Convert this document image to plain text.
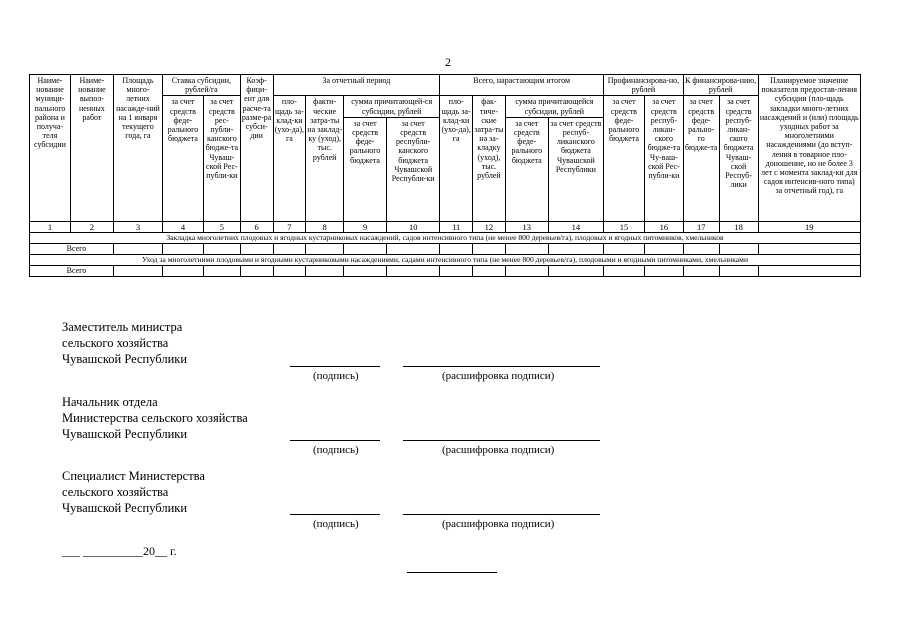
2
Наиме-нование муници-пального района и получа-теля субсидии	Наиме-нование выпол-ненных работ	Площадь много-летних насажде-ний на 1 января текущего года, га	Ставка субсидии, рублей/га		Коэф-фици-ент для расче-та разме-ра субси-дии	За отчетный период				Всего, нарастающим итогом				Профинансирова-но, рублей		К финансирова-нию, рублей		Планируемое значение показателя предостав-ления субсидии (пло-щадь закладки много-летних насаждений и (или) площадь уходных работ за многолетними насаждениями (до вступ-ления в товарное пло-доношение, но не более 3 лет с момента заклад-ки для садов интенсив-ного типа) за отчетный год), га
			за счет средств феде-рального бюджета	за счет средств рес-публи-канского бюдже-та Чуваш-ской Рес-публи-ки		пло-щадь за-клад-ки (ухо-да), га	факти-ческие затра-ты на заклад-ку (уход), тыс. рублей	сумма причитающей-ся субсидии, рублей		пло-щадь за-клад-ки (ухо-да), га	фак-тиче-ские затра-ты на за-кладку (уход), тыс. рублей	сумма причитающейся субсидии, рублей		за счет средств феде-рального бюджета	за счет средств респуб-ликан-ского бюдже-та Чу-ваш-ской Рес-публи-ки	за счет средств феде-рально-го бюдже-та	за счет средств респуб-ликан-ского бюджета Чуваш-ской Респуб-лики	
								за счет средств феде-рального бюджета	за счет средств республи-канского бюджета Чувашской Республи-ки			за счет средств феде-рального бюджета	за счет средств респуб-ликанского бюджета Чувашской Республики					
1	2	3	4	5	6	7	8	9	10	11	12	13	14	15	16	17	18	19
Закладка многолетних плодовых и ягодных кустарниковых насаждений, садов интенсивного типа (не менее 800 деревьев/га), плодовых и ягодных питомников, хмельников																		
Всего																		
Уход за многолетними плодовыми и ягодными кустарниковыми насаждениями, садами интенсивного типа (не менее 800 деревьев/га), плодовыми и ягодными питомниками, хмельниками																		
Всего																		
Заместитель министра
сельского хозяйства
Чувашской Республики
(подпись)	(расшифровка подписи)
Начальник отдела
Министерства сельского хозяйства
Чувашской Республики
(подпись)	(расшифровка подписи)
Специалист Министерства
сельского хозяйства
Чувашской Республики
(подпись)	(расшифровка подписи)
___ __________20__ г.
